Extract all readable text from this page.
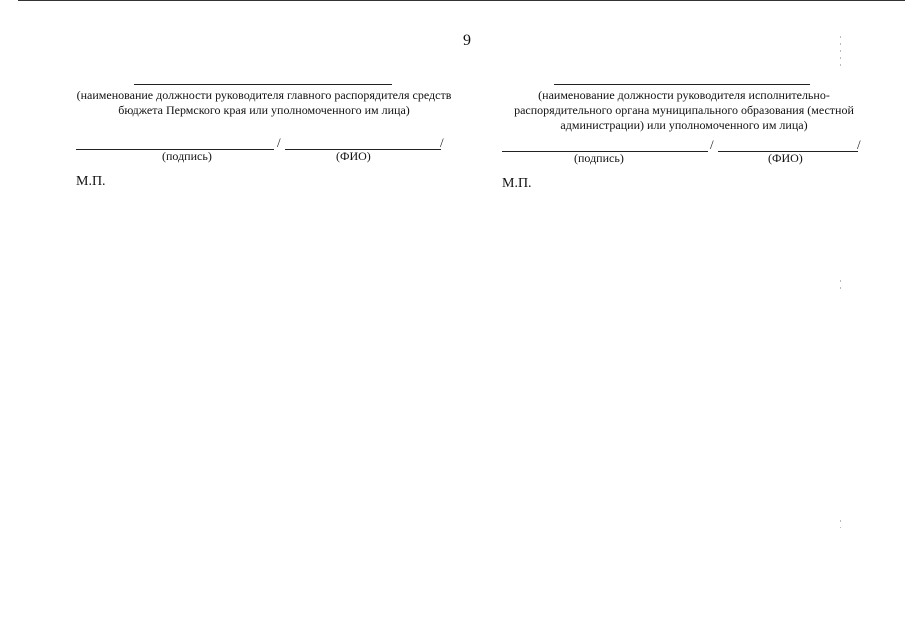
9
(наименование должности руководителя главного распорядителя средств бюджета Пермского края или уполномоченного им лица)
/	/
(подпись)	(ФИО)
М.П.
(наименование должности руководителя исполнительно-распорядительного органа муниципального образования (местной администрации) или уполномоченного им лица)
/	/
(подпись)	(ФИО)
М.П.
